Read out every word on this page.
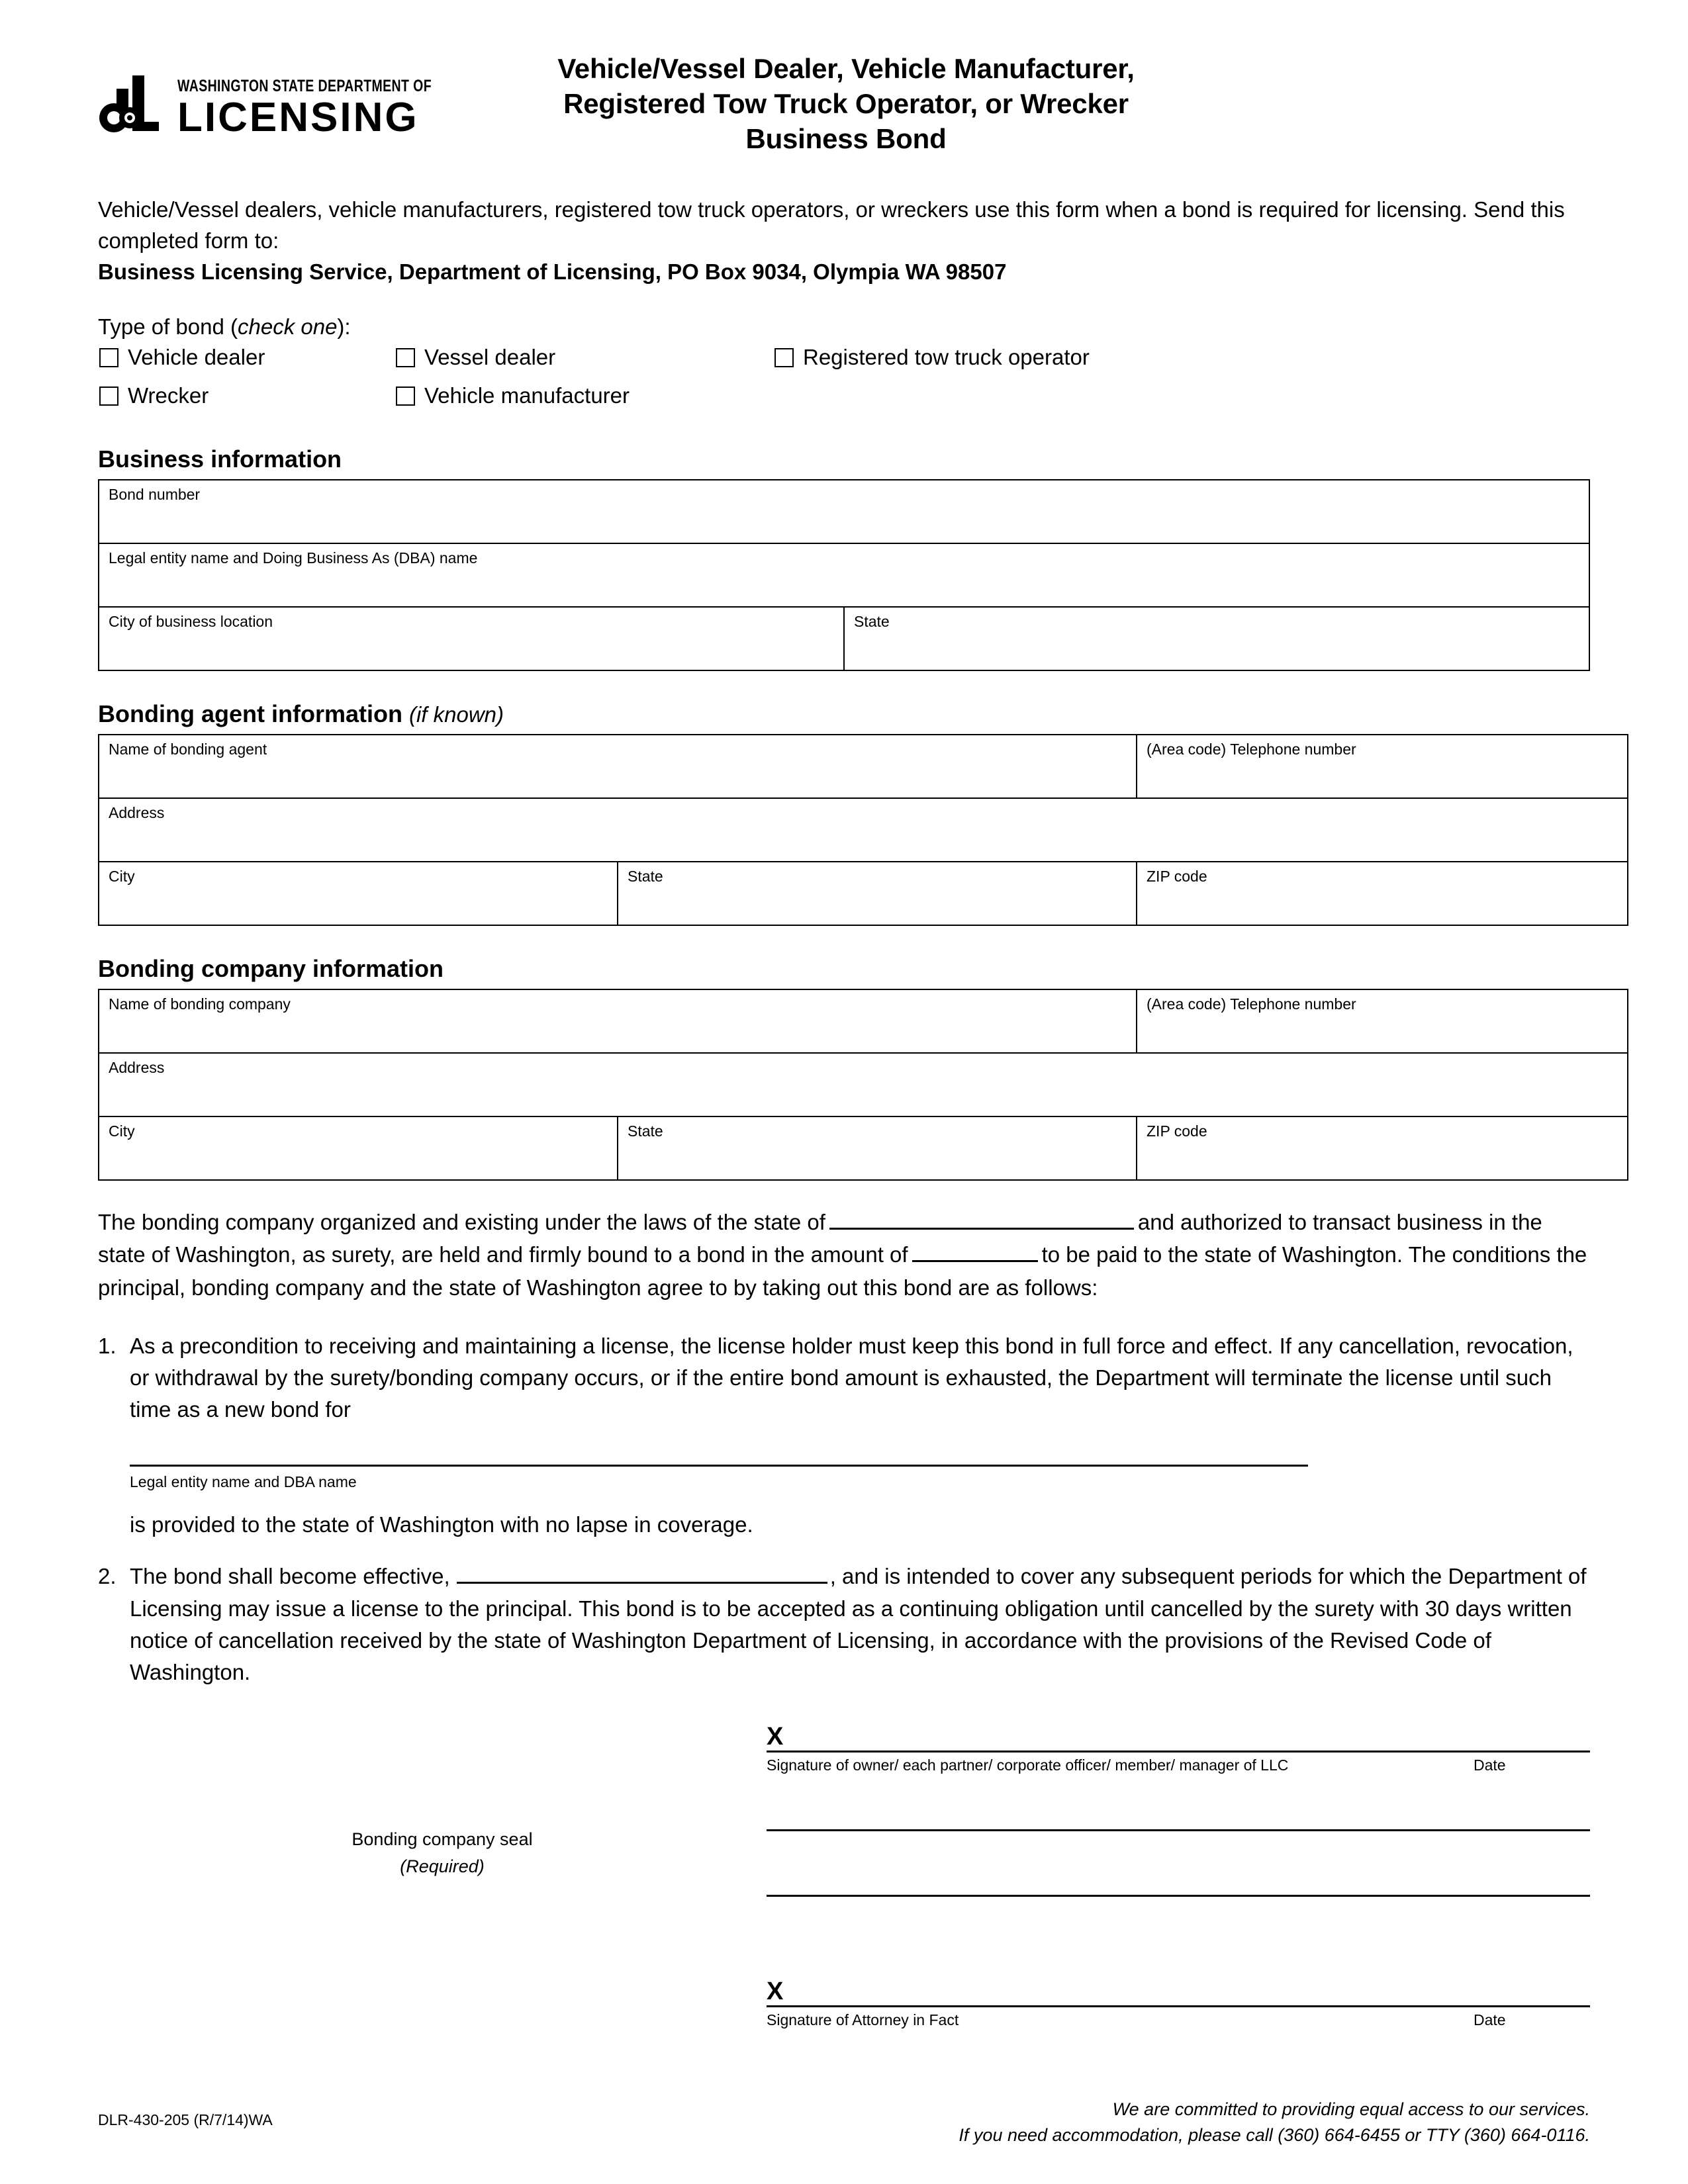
WASHINGTON STATE DEPARTMENT OF
LICENSING
Vehicle/Vessel Dealer, Vehicle Manufacturer,
Registered Tow Truck Operator, or Wrecker
Business Bond
Vehicle/Vessel dealers, vehicle manufacturers, registered tow truck operators, or wreckers use this form when a bond is required for licensing. Send this completed form to:
Business Licensing Service, Department of Licensing, PO Box 9034, Olympia WA 98507
Type of bond (check one):
Vehicle dealer	Vessel dealer	Registered tow truck operator
Wrecker	Vehicle manufacturer
Business information
Bond number
Legal entity name and Doing Business As (DBA) name
City of business location	State
Bonding agent information (if known)
Name of bonding agent		(Area code) Telephone number
Address		
City	State	ZIP code
Bonding company information
Name of bonding company		(Area code) Telephone number
Address		
City	State	ZIP code

The bonding company organized and existing under the laws of the state of	and authorized to transact business in the state of Washington, as surety, are held and firmly bound to a bond in the amount of	to be paid to the state of Washington. The conditions the principal, bonding company and the state of Washington agree to by taking out this bond are as follows:

1. As a precondition to receiving and maintaining a license, the license holder must keep this bond in full force and effect. If any cancellation, revocation, or withdrawal by the surety/bonding company occurs, or if the entire bond amount is exhausted, the Department will terminate the license until such time as a new bond for
Legal entity name and DBA name
is provided to the state of Washington with no lapse in coverage.
2. The bond shall become effective,	, and is intended to cover any subsequent periods for which the Department of Licensing may issue a license to the principal. This bond is to be accepted as a continuing obligation until cancelled by the surety with 30 days written notice of cancellation received by the state of Washington Department of Licensing, in accordance with the provisions of the Revised Code of Washington.
Bonding company seal
(Required)
X
Signature of owner/ each partner/ corporate officer/ member/ manager of LLC	Date
X
Signature of Attorney in Fact	Date
DLR-430-205 (R/7/14)WA
We are committed to providing equal access to our services.
If you need accommodation, please call (360) 664-6455 or TTY (360) 664-0116.
